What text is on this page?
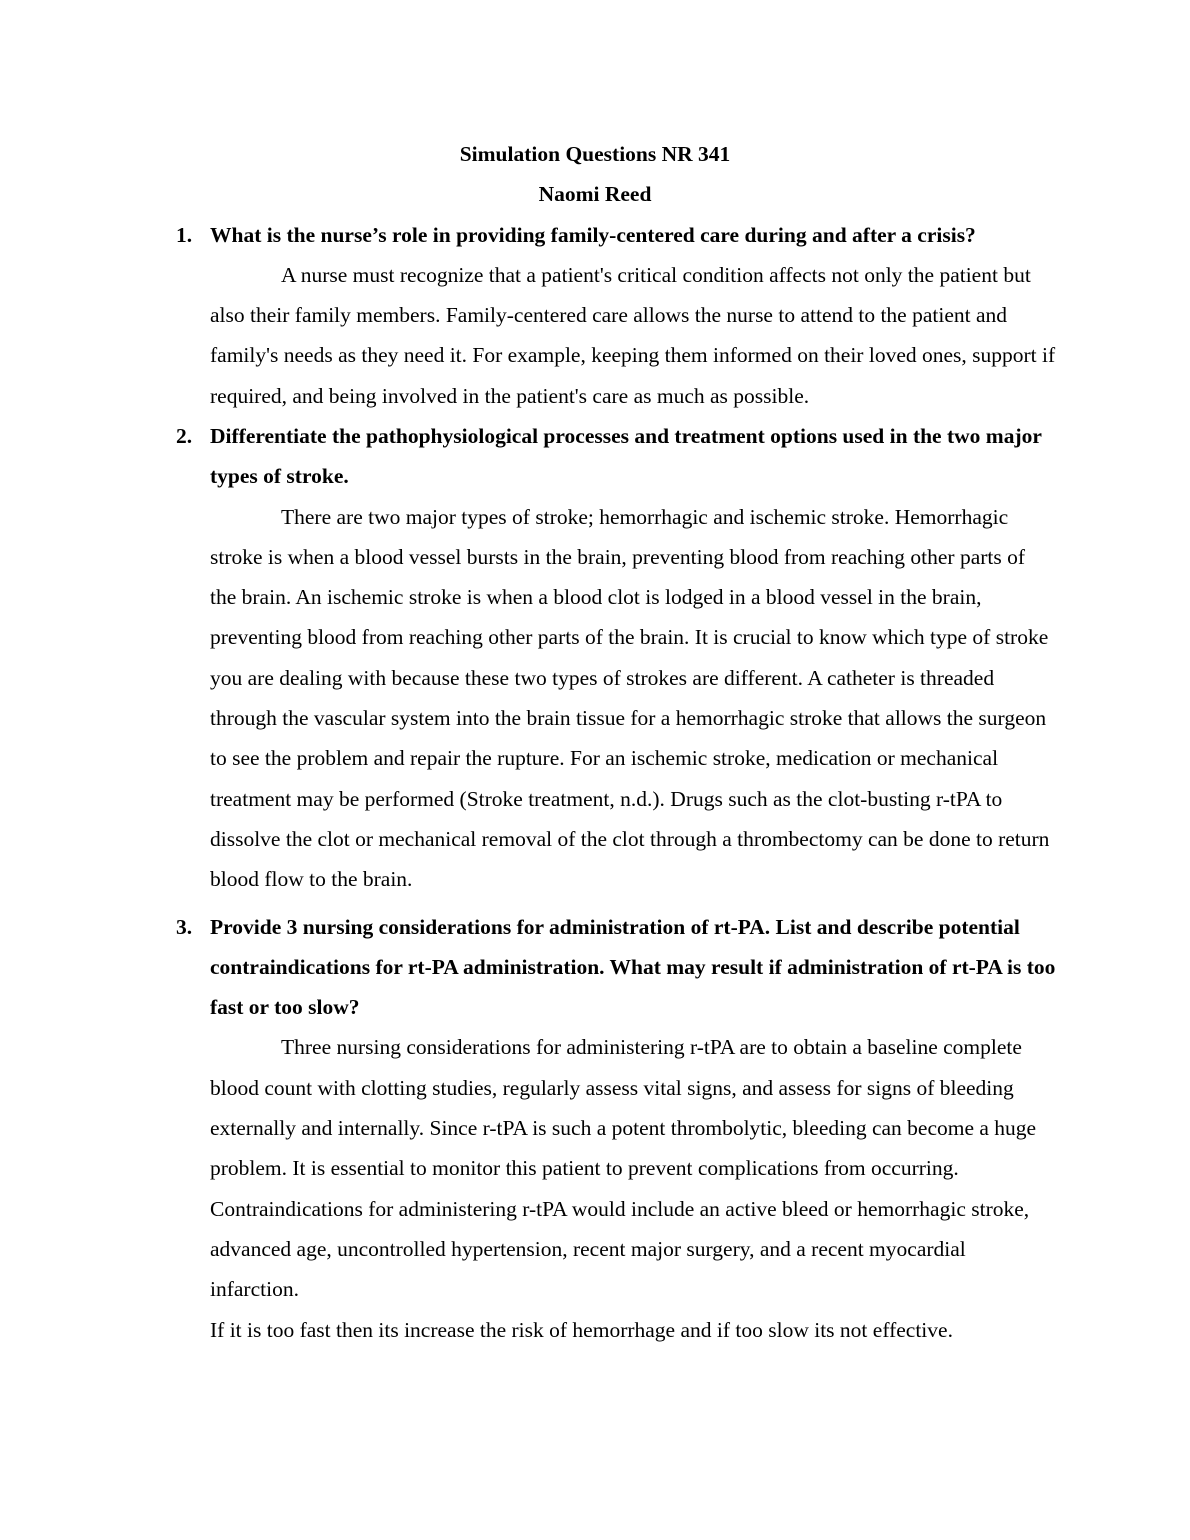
Simulation Questions NR 341
Naomi Reed
1. What is the nurse’s role in providing family-centered care during and after a crisis?

A nurse must recognize that a patient's critical condition affects not only the patient but also their family members. Family-centered care allows the nurse to attend to the patient and family's needs as they need it. For example, keeping them informed on their loved ones, support if required, and being involved in the patient's care as much as possible.

2. Differentiate the pathophysiological processes and treatment options used in the two major types of stroke.

There are two major types of stroke; hemorrhagic and ischemic stroke. Hemorrhagic stroke is when a blood vessel bursts in the brain, preventing blood from reaching other parts of the brain. An ischemic stroke is when a blood clot is lodged in a blood vessel in the brain, preventing blood from reaching other parts of the brain. It is crucial to know which type of stroke you are dealing with because these two types of strokes are different. A catheter is threaded through the vascular system into the brain tissue for a hemorrhagic stroke that allows the surgeon to see the problem and repair the rupture. For an ischemic stroke, medication or mechanical treatment may be performed (Stroke treatment, n.d.). Drugs such as the clot-busting r-tPA to dissolve the clot or mechanical removal of the clot through a thrombectomy can be done to return blood flow to the brain.

3. Provide 3 nursing considerations for administration of rt-PA. List and describe potential contraindications for rt-PA administration. What may result if administration of rt-PA is too fast or too slow?

Three nursing considerations for administering r-tPA are to obtain a baseline complete blood count with clotting studies, regularly assess vital signs, and assess for signs of bleeding externally and internally. Since r-tPA is such a potent thrombolytic, bleeding can become a huge problem. It is essential to monitor this patient to prevent complications from occurring. Contraindications for administering r-tPA would include an active bleed or hemorrhagic stroke, advanced age, uncontrolled hypertension, recent major surgery, and a recent myocardial infarction.

If it is too fast then its increase the risk of hemorrhage and if too slow its not effective.
